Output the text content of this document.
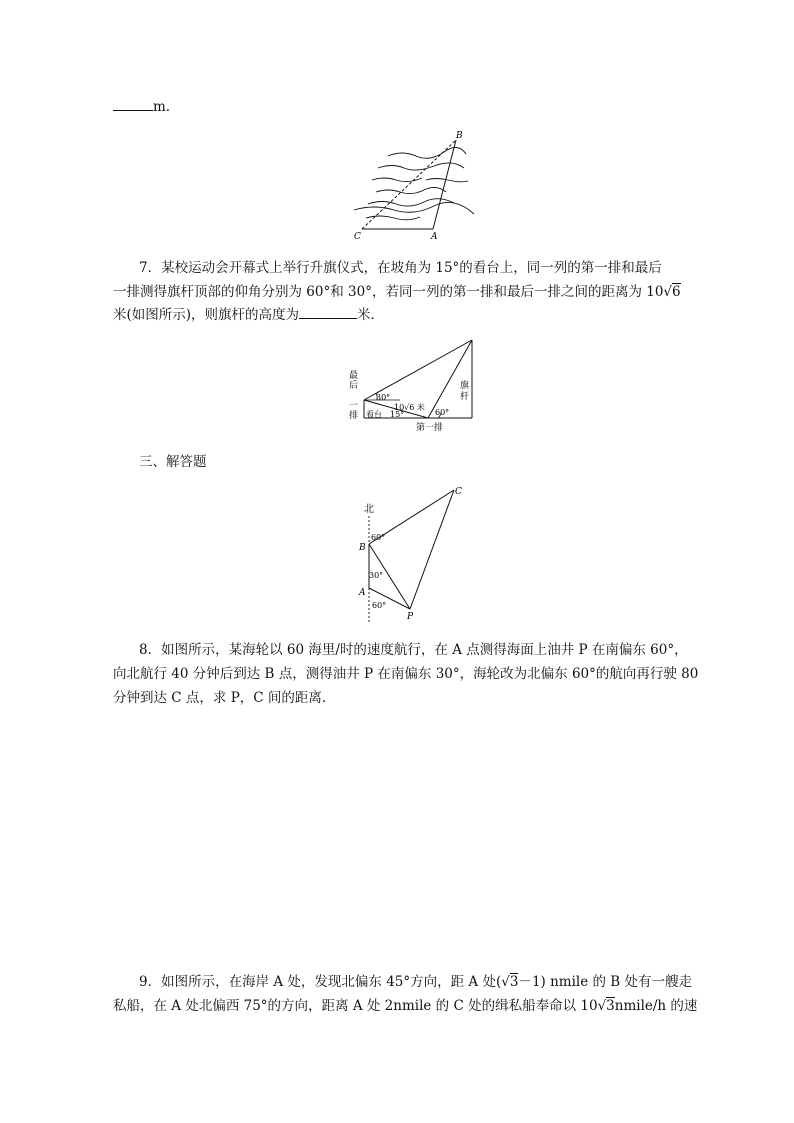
m.
B
C	A
7．某校运动会开幕式上举行升旗仪式，在坡角为 15°的看台上，同一列的第一排和最后
一排测得旗杆顶部的仰角分别为 60°和 30°，若同一列的第一排和最后一排之间的距离为 10√6
米(如图所示)，则旗杆的高度为	米．
最
后
一
排
旗
杆
30°
10√6 米
看台 15°	60°
第一排
三、解答题
北
C
B
A
P
60°
30°
60°
8．如图所示，某海轮以 60 海里/时的速度航行，在 A 点测得海面上油井 P 在南偏东 60°，
向北航行 40 分钟后到达 B 点，测得油井 P 在南偏东 30°，海轮改为北偏东 60°的航向再行驶 80
分钟到达 C 点，求 P，C 间的距离．
9．如图所示，在海岸 A 处，发现北偏东 45°方向，距 A 处(√3－1) nmile 的 B 处有一艘走
私船，在 A 处北偏西 75°的方向，距离 A 处 2nmile 的 C 处的缉私船奉命以 10√3nmile/h 的速
